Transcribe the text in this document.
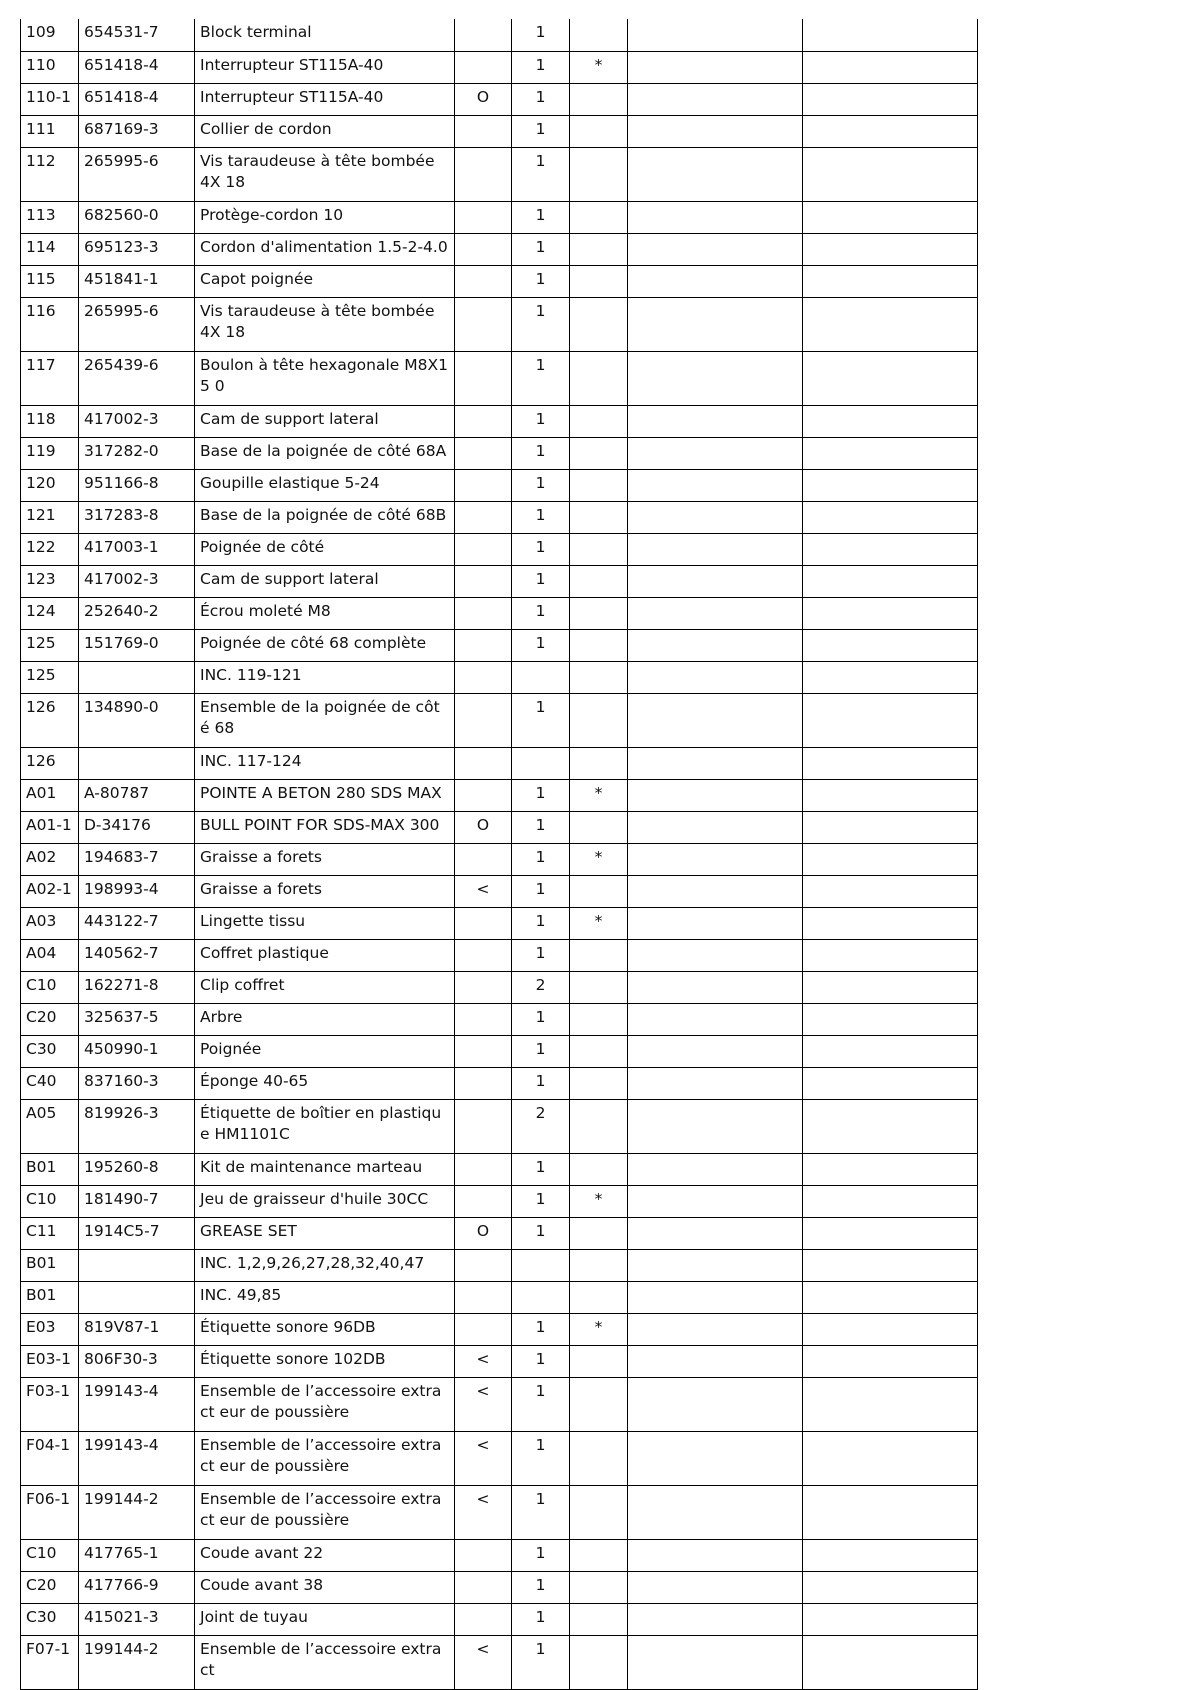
109	654531-7	Block terminal		1			
110	651418-4	Interrupteur ST115A-40		1	*		
110-1	651418-4	Interrupteur ST115A-40	O	1			
111	687169-3	Collier de cordon		1			
112	265995-6	Vis taraudeuse à tête bombée 4X 18		1			
113	682560-0	Protège-cordon 10		1			
114	695123-3	Cordon d'alimentation 1.5-2-4.0		1			
115	451841-1	Capot poignée		1			
116	265995-6	Vis taraudeuse à tête bombée 4X 18		1			
117	265439-6	Boulon à tête hexagonale M8X15 0		1			
118	417002-3	Cam de support lateral		1			
119	317282-0	Base de la poignée de côté 68A		1			
120	951166-8	Goupille elastique 5-24		1			
121	317283-8	Base de la poignée de côté 68B		1			
122	417003-1	Poignée de côté		1			
123	417002-3	Cam de support lateral		1			
124	252640-2	Écrou moleté M8		1			
125	151769-0	Poignée de côté 68 complète		1			
125		INC. 119-121					
126	134890-0	Ensemble de la poignée de côté 68		1			
126		INC. 117-124					
A01	A-80787	POINTE A BETON 280 SDS MAX		1	*		
A01-1	D-34176	BULL POINT FOR SDS-MAX 300	O	1			
A02	194683-7	Graisse a forets		1	*		
A02-1	198993-4	Graisse a forets	<	1			
A03	443122-7	Lingette tissu		1	*		
A04	140562-7	Coffret plastique		1			
C10	162271-8	Clip coffret		2			
C20	325637-5	Arbre		1			
C30	450990-1	Poignée		1			
C40	837160-3	Éponge 40-65		1			
A05	819926-3	Étiquette de boîtier en plastique HM1101C		2			
B01	195260-8	Kit de maintenance marteau		1			
C10	181490-7	Jeu de graisseur d'huile 30CC		1	*		
C11	1914C5-7	GREASE SET	O	1			
B01		INC. 1,2,9,26,27,28,32,40,47					
B01		INC. 49,85					
E03	819V87-1	Étiquette sonore 96DB		1	*		
E03-1	806F30-3	Étiquette sonore 102DB	<	1			
F03-1	199143-4	Ensemble de l’accessoire extract eur de poussière	<	1			
F04-1	199143-4	Ensemble de l’accessoire extract eur de poussière	<	1			
F06-1	199144-2	Ensemble de l’accessoire extract eur de poussière	<	1			
C10	417765-1	Coude avant 22		1			
C20	417766-9	Coude avant 38		1			
C30	415021-3	Joint de tuyau		1			
F07-1	199144-2	Ensemble de l’accessoire extract	<	1			
